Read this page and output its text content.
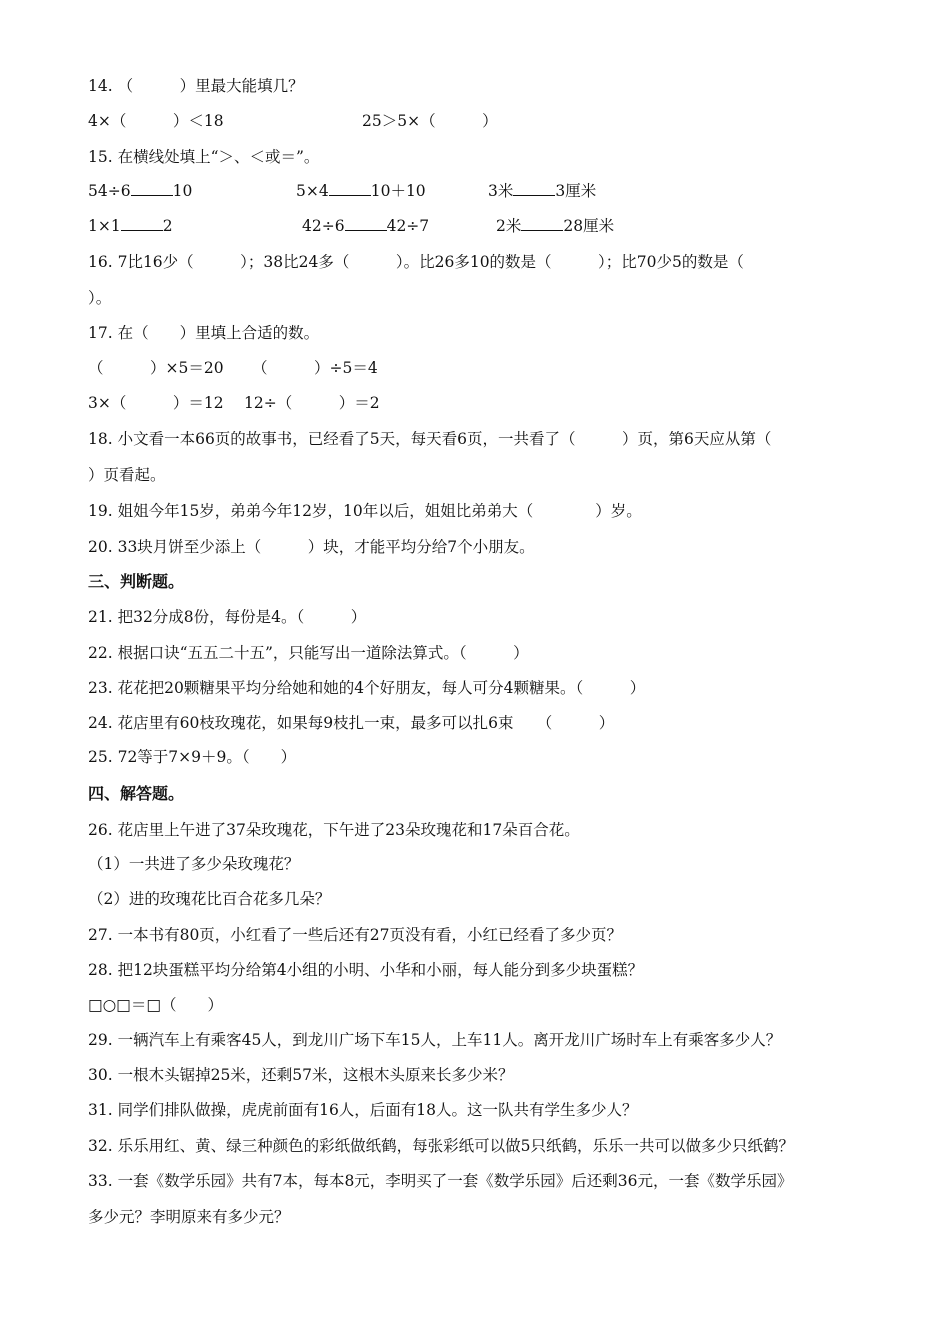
14. （　　　）里最大能填几？
4×（　　　）＜18	25＞5×（　　　）
15. 在横线处填上“＞、＜或＝”。
54÷6	10	5×4	10＋10	3米	3厘米
1×1	2	42÷6	42÷7	2米	28厘米
16. 7比16少（　　　）；38比24多（　　　）。比26多10的数是（　　　）；比70少5的数是（
）。
17. 在（　　）里填上合适的数。
（　　　）×5＝20 （　　　）÷5＝4
3×（　　　）＝12 12÷（　　　）＝2
18. 小文看一本66页的故事书，已经看了5天，每天看6页，一共看了（　　　）页，第6天应从第（
）页看起。
19. 姐姐今年15岁，弟弟今年12岁，10年以后，姐姐比弟弟大（　　　　）岁。
20. 33块月饼至少添上（　　　）块，才能平均分给7个小朋友。
三、判断题。
21. 把32分成8份，每份是4。（　　　）
22. 根据口诀“五五二十五”，只能写出一道除法算式。（　　　）
23. 花花把20颗糖果平均分给她和她的4个好朋友，每人可分4颗糖果。（　　　）
24. 花店里有60枝玫瑰花，如果每9枝扎一束，最多可以扎6束　　（　　　）
25. 72等于7×9＋9。（　　）
四、解答题。
26. 花店里上午进了37朵玫瑰花，下午进了23朵玫瑰花和17朵百合花。
（1）一共进了多少朵玫瑰花？
（2）进的玫瑰花比百合花多几朵？
27. 一本书有80页，小红看了一些后还有27页没有看，小红已经看了多少页？
28. 把12块蛋糕平均分给第4小组的小明、小华和小丽，每人能分到多少块蛋糕？
□○□＝□（　　）
29. 一辆汽车上有乘客45人，到龙川广场下车15人，上车11人。离开龙川广场时车上有乘客多少人？
30. 一根木头锯掉25米，还剩57米，这根木头原来长多少米？
31. 同学们排队做操，虎虎前面有16人，后面有18人。这一队共有学生多少人？
32. 乐乐用红、黄、绿三种颜色的彩纸做纸鹤，每张彩纸可以做5只纸鹤，乐乐一共可以做多少只纸鹤？
33. 一套《数学乐园》共有7本，每本8元，李明买了一套《数学乐园》后还剩36元，一套《数学乐园》
多少元？李明原来有多少元？
